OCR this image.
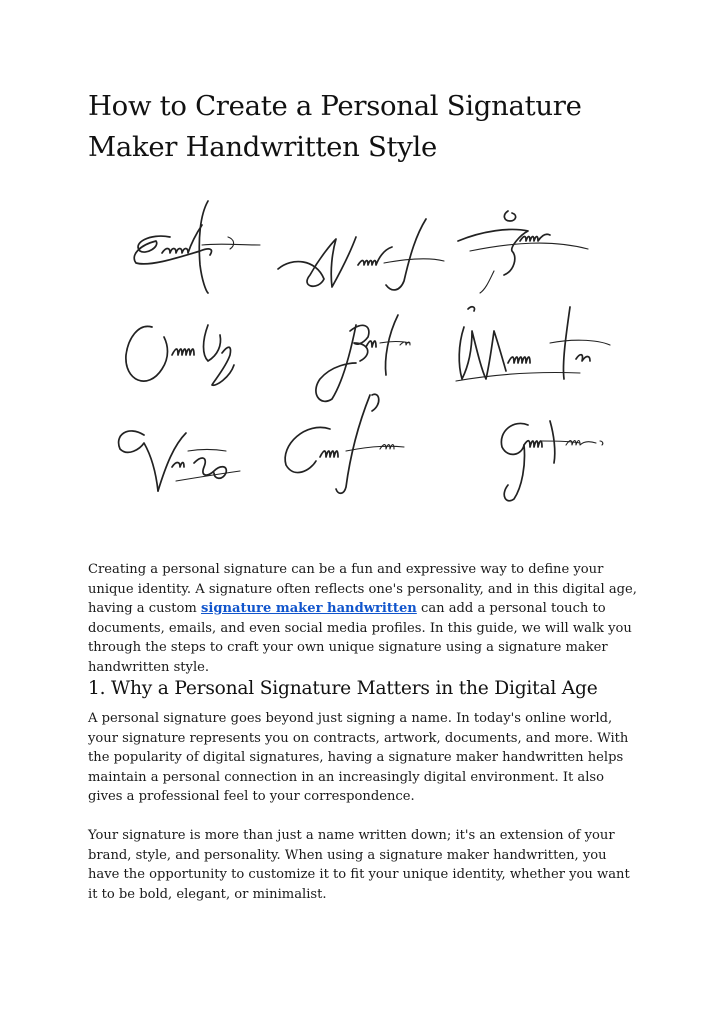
How to Create a Personal Signature Maker Handwritten Style

Creating a personal signature can be a fun and expressive way to define your unique identity. A signature often reflects one's personality, and in this digital age, having a custom signature maker handwritten can add a personal touch to documents, emails, and even social media profiles. In this guide, we will walk you through the steps to craft your own unique signature using a signature maker handwritten style.

1. Why a Personal Signature Matters in the Digital Age

A personal signature goes beyond just signing a name. In today's online world, your signature represents you on contracts, artwork, documents, and more. With the popularity of digital signatures, having a signature maker handwritten helps maintain a personal connection in an increasingly digital environment. It also gives a professional feel to your correspondence.

Your signature is more than just a name written down; it's an extension of your brand, style, and personality. When using a signature maker handwritten, you have the opportunity to customize it to fit your unique identity, whether you want it to be bold, elegant, or minimalist.
